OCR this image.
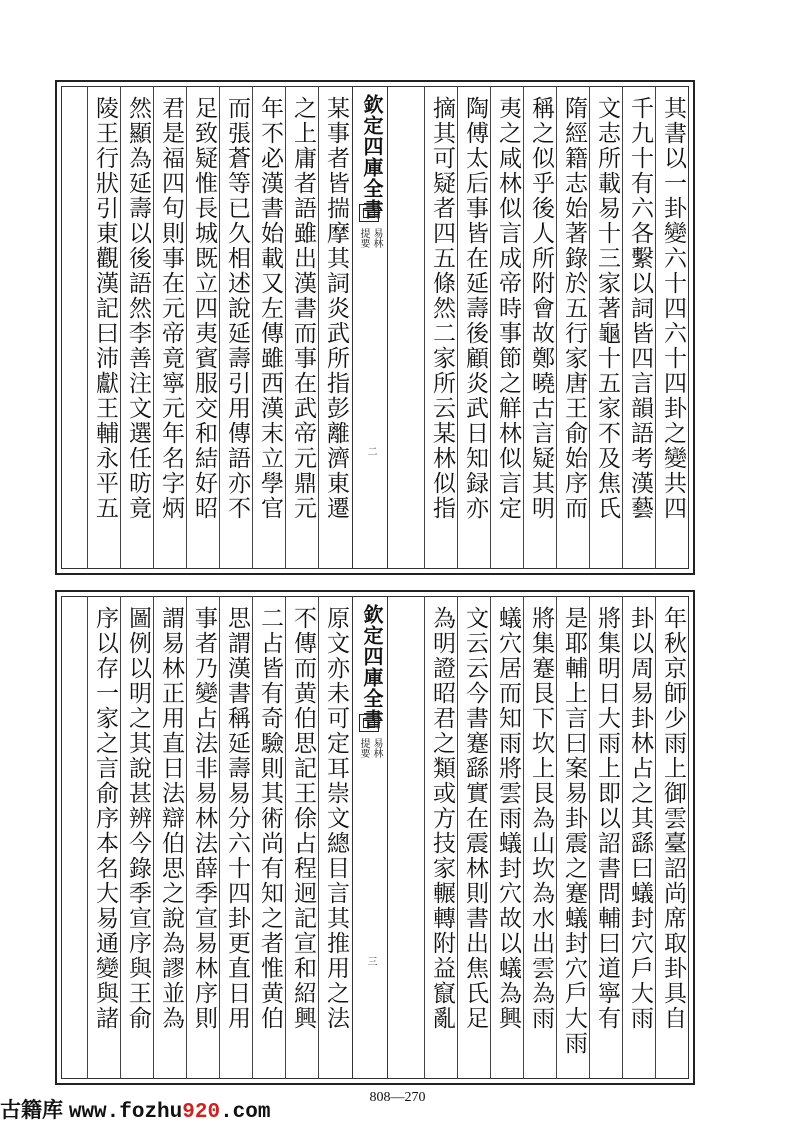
其書以一卦變六十四六十四卦之變共四
千九十有六各繫以詞皆四言韻語考漢藝
文志所載易十三家著龜十五家不及焦氏
隋經籍志始著錄於五行家唐王俞始序而
稱之似乎後人所附會故鄭曉古言疑其明
夷之咸林似言成帝時事節之觧林似言定
陶傅太后事皆在延壽後顧炎武日知録亦
摘其可疑者四五條然二家所云某林似指
某事者皆揣摩其詞炎武所指彭離濟東遷
之上庸者語雖出漢書而事在武帝元鼎元
年不必漢書始載又左傳雖西漢末立學官
而張蒼等已久相述說延壽引用傳語亦不
足致疑惟長城既立四夷賓服交和結好昭
君是福四句則事在元帝竟寧元年名字炳
然顯為延壽以後語然李善注文選任昉竟
陵王行狀引東觀漢記曰沛獻王輔永平五	欽定四庫全書
易林
提要
二
年秋京師少雨上御雲臺詔尚席取卦具自
卦以周易卦林占之其繇曰蟻封穴戶大雨
將集明日大雨上即以詔書問輔曰道寧有
是耶輔上言曰案易卦震之蹇蟻封穴戶大雨
將集蹇艮下坎上艮為山坎為水出雲為雨
蟻穴居而知雨將雲雨蟻封穴故以蟻為興
文云云今書蹇繇實在震林則書出焦氏足
為明證昭君之類或方技家輾轉附益竄亂
原文亦未可定耳崇文總目言其推用之法
不傳而黄伯思記王俆占程迥記宣和紹興
二占皆有奇驗則其術尚有知之者惟黄伯
思謂漢書稱延壽易分六十四卦更直日用
事者乃變占法非易林法薛季宣易林序則
謂易林正用直日法辯伯思之說為謬並為
圖例以明之其說甚辨今錄季宣序與王俞
序以存一家之言俞序本名大易通變與諸	欽定四庫全書
易林
提要
三
808—270
古籍库 www.fozhu920.com
